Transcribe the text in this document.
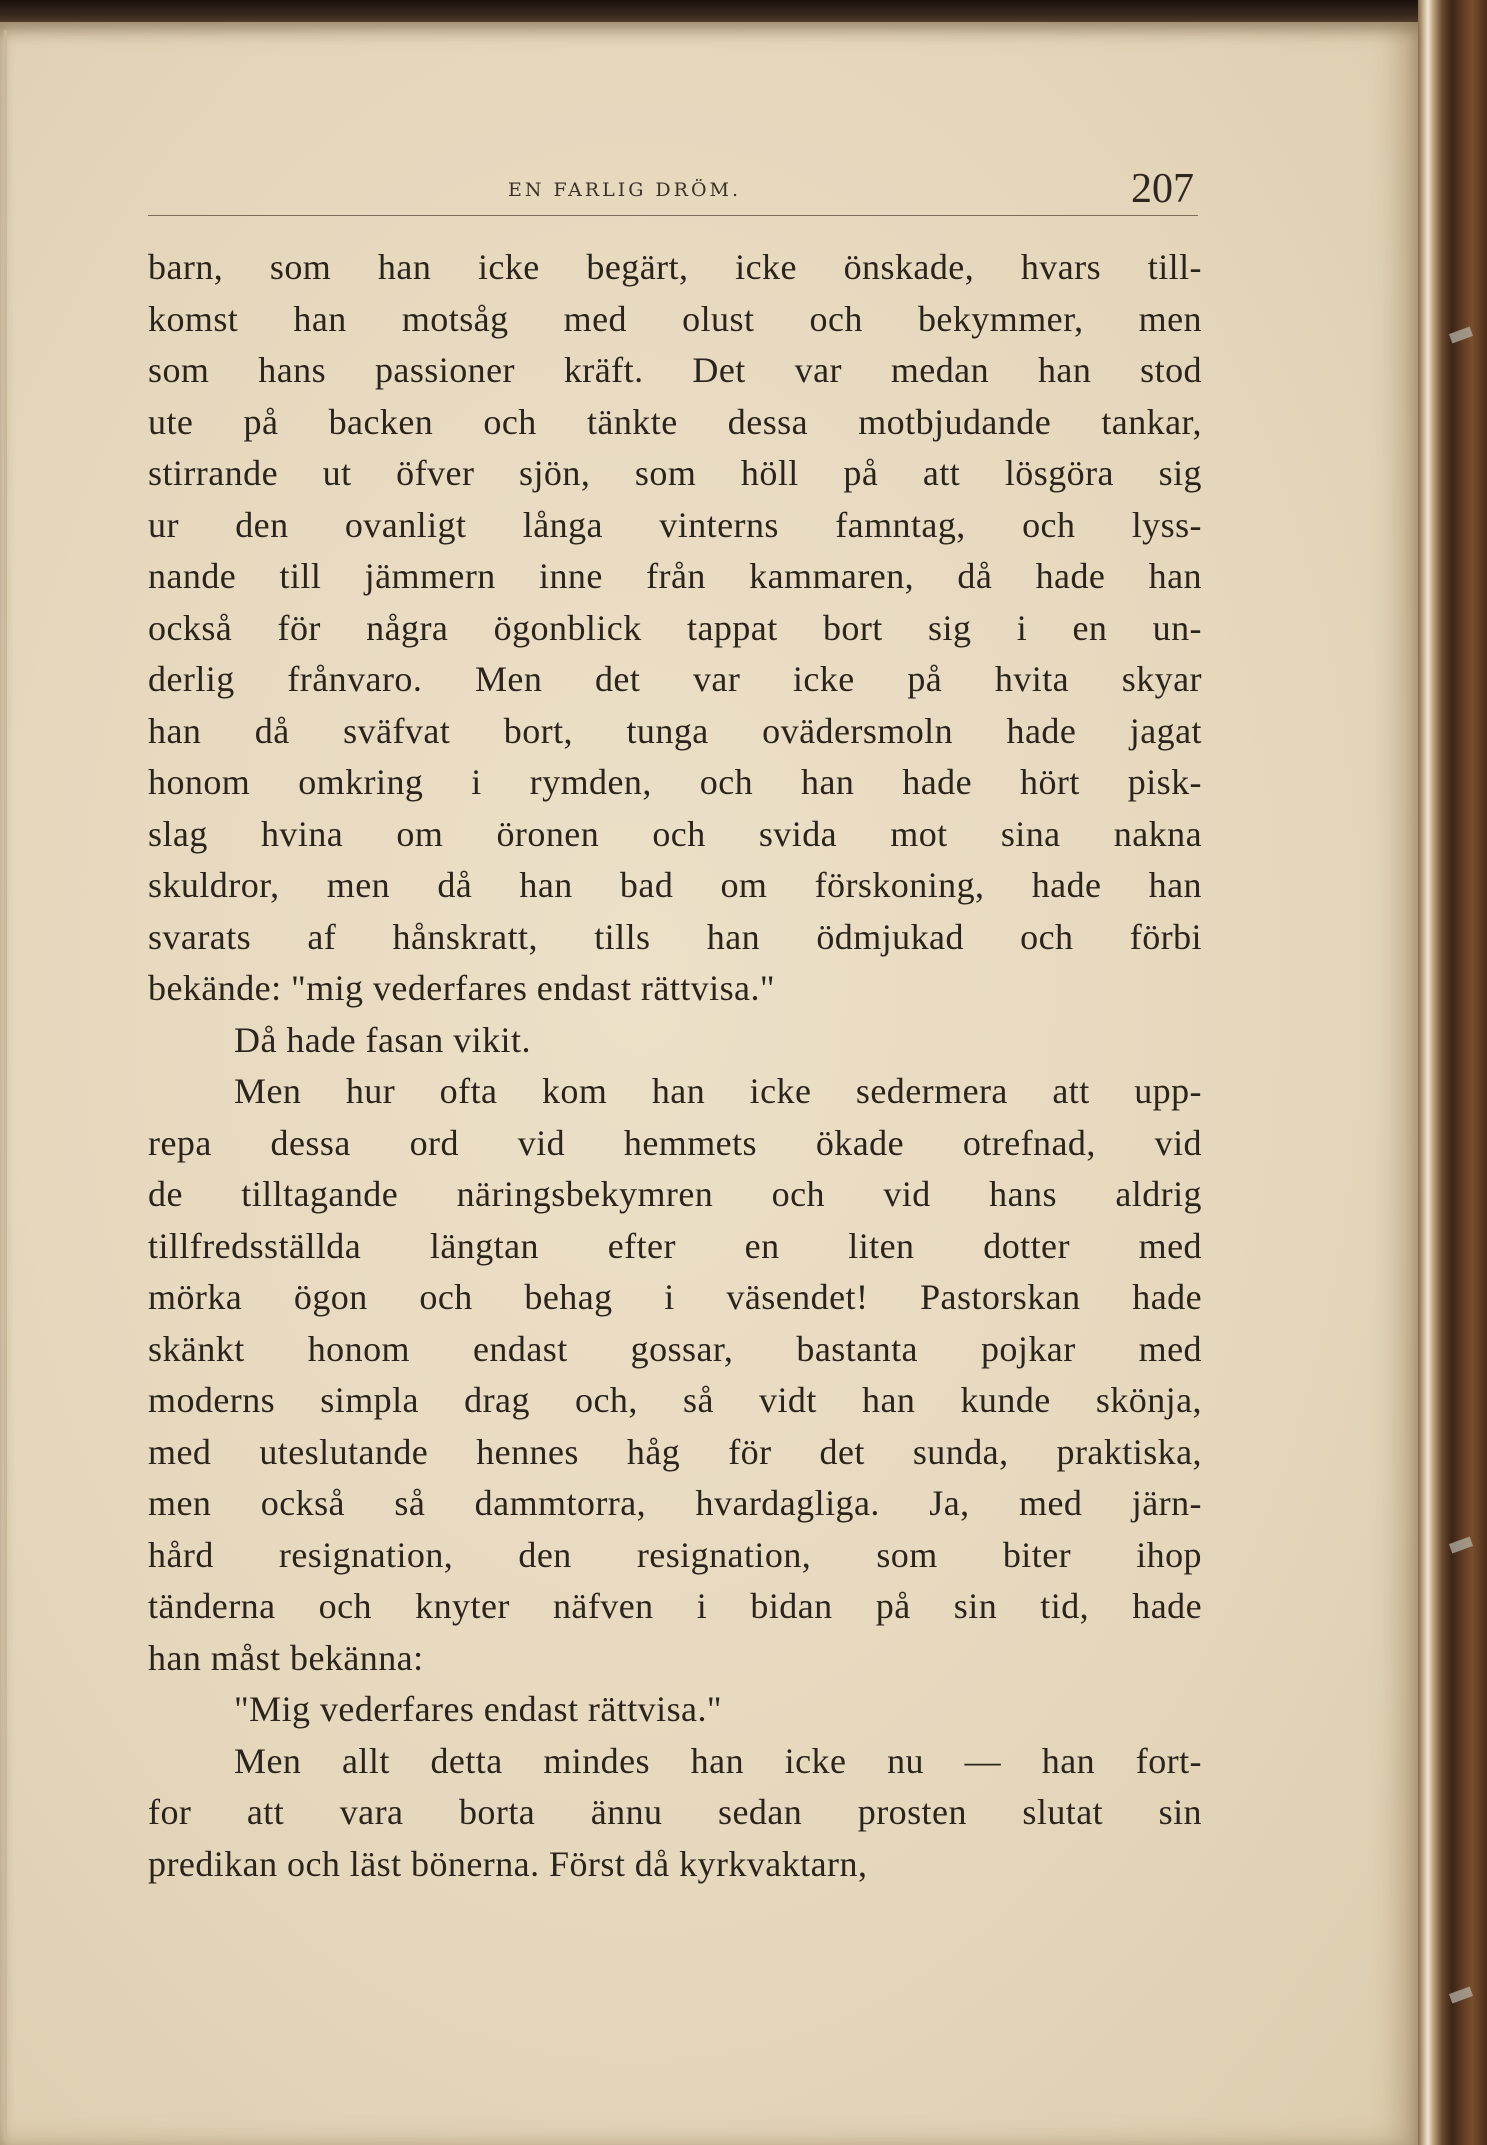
EN FARLIG DRÖM.	207
barn, som han icke begärt, icke önskade, hvars till-
komst han motsåg med olust och bekymmer, men
som hans passioner kräft. Det var medan han stod
ute på backen och tänkte dessa motbjudande tankar,
stirrande ut öfver sjön, som höll på att lösgöra sig
ur den ovanligt långa vinterns famntag, och lyss-
nande till jämmern inne från kammaren, då hade han
också för några ögonblick tappat bort sig i en un-
derlig frånvaro. Men det var icke på hvita skyar
han då sväfvat bort, tunga ovädersmoln hade jagat
honom omkring i rymden, och han hade hört pisk-
slag hvina om öronen och svida mot sina nakna
skuldror, men då han bad om förskoning, hade han
svarats af hånskratt, tills han ödmjukad och förbi
bekände: "mig vederfares endast rättvisa."
Då hade fasan vikit.
Men hur ofta kom han icke sedermera att upp-
repa dessa ord vid hemmets ökade otrefnad, vid
de tilltagande näringsbekymren och vid hans aldrig
tillfredsställda längtan efter en liten dotter med
mörka ögon och behag i väsendet! Pastorskan hade
skänkt honom endast gossar, bastanta pojkar med
moderns simpla drag och, så vidt han kunde skönja,
med uteslutande hennes håg för det sunda, praktiska,
men också så dammtorra, hvardagliga. Ja, med järn-
hård resignation, den resignation, som biter ihop
tänderna och knyter näfven i bidan på sin tid, hade
han måst bekänna:
"Mig vederfares endast rättvisa."
Men allt detta mindes han icke nu — han fort-
for att vara borta ännu sedan prosten slutat sin
predikan och läst bönerna. Först då kyrkvaktarn,
